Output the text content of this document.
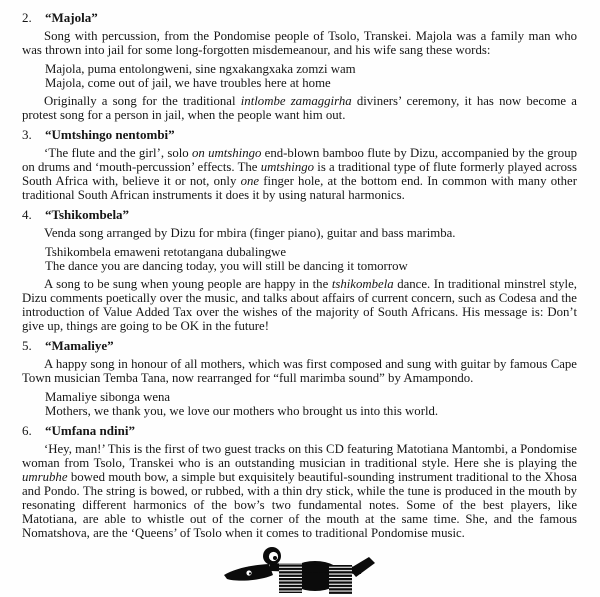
2. “Majola”

Song with percussion, from the Pondomise people of Tsolo, Transkei. Majola was a family man who was thrown into jail for some long-forgotten misdemeanour, and his wife sang these words:

Majola, puma entolongweni, sine ngxakangxaka zomzi wam
Majola, come out of jail, we have troubles here at home

Originally a song for the traditional intlombe zamaggirha diviners’ ceremony, it has now become a protest song for a person in jail, when the people want him out.

3. “Umtshingo nentombi”

‘The flute and the girl’, solo on umtshingo end-blown bamboo flute by Dizu, accompanied by the group on drums and ‘mouth-percussion’ effects. The umtshingo is a traditional type of flute formerly played across South Africa with, believe it or not, only one finger hole, at the bottom end. In common with many other traditional South African instruments it does it by using natural harmonics.

4. “Tshikombela”

Venda song arranged by Dizu for mbira (finger piano), guitar and bass marimba.

Tshikombela emaweni retotangana dubalingwe
The dance you are dancing today, you will still be dancing it tomorrow

A song to be sung when young people are happy in the tshikombela dance. In traditional minstrel style, Dizu comments poetically over the music, and talks about affairs of current concern, such as Codesa and the introduction of Value Added Tax over the wishes of the majority of South Africans. His message is: Don’t give up, things are going to be OK in the future!

5. “Mamaliye”

A happy song in honour of all mothers, which was first composed and sung with guitar by famous Cape Town musician Temba Tana, now rearranged for “full marimba sound” by Amampondo.

Mamaliye sibonga wena
Mothers, we thank you, we love our mothers who brought us into this world.
6. “Umfana ndini”

‘Hey, man!’ This is the first of two guest tracks on this CD featuring Matotiana Mantombi, a Pondomise woman from Tsolo, Transkei who is an outstanding musician in traditional style. Here she is playing the umrubhe bowed mouth bow, a simple but exquisitely beautiful-sounding instrument traditional to the Xhosa and Pondo. The string is bowed, or rubbed, with a thin dry stick, while the tune is produced in the mouth by resonating different harmonics of the bow’s two fundamental notes. Some of the best players, like Matotiana, are able to whistle out of the corner of the mouth at the same time. She, and the famous Nomatshova, are the ‘Queens’ of Tsolo when it comes to traditional Pondomise music.
